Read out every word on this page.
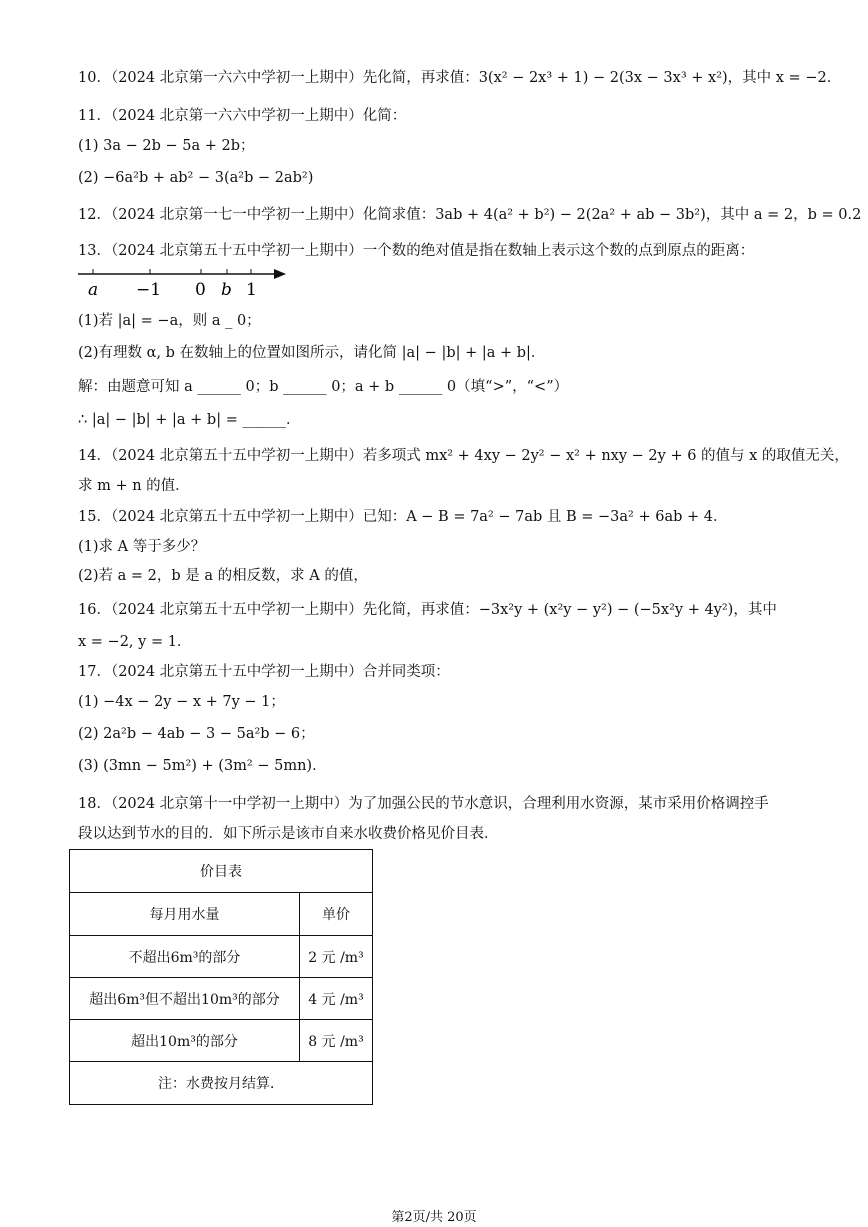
10．（2024 北京第一六六中学初一上期中）先化简，再求值：3(x² − 2x³ + 1) − 2(3x − 3x³ + x²)，其中 x = −2．
11．（2024 北京第一六六中学初一上期中）化简：
(1) 3a − 2b − 5a + 2b；
(2) −6a²b + ab² − 3(a²b − 2ab²)
12．（2024 北京第一七一中学初一上期中）化简求值：3ab + 4(a² + b²) − 2(2a² + ab − 3b²)，其中 a = 2，b = 0.2
13．（2024 北京第五十五中学初一上期中）一个数的绝对值是指在数轴上表示这个数的点到原点的距离：
a −1 0 b 1
(1)若 |a| = −a，则 a _ 0；
(2)有理数 α, b 在数轴上的位置如图所示，请化简 |a| − |b| + |a + b|．
解：由题意可知 a ______ 0；b ______ 0；a + b ______ 0（填“>”，“<”）
∴ |a| − |b| + |a + b| = ______．
14．（2024 北京第五十五中学初一上期中）若多项式 mx² + 4xy − 2y² − x² + nxy − 2y + 6 的值与 x 的取值无关，
求 m + n 的值．
15．（2024 北京第五十五中学初一上期中）已知：A − B = 7a² − 7ab 且 B = −3a² + 6ab + 4．
(1)求 A 等于多少？
(2)若 a = 2，b 是 a 的相反数，求 A 的值，
16．（2024 北京第五十五中学初一上期中）先化简，再求值：−3x²y + (x²y − y²) − (−5x²y + 4y²)，其中
x = −2, y = 1．
17．（2024 北京第五十五中学初一上期中）合并同类项：
(1) −4x − 2y − x + 7y − 1；
(2) 2a²b − 4ab − 3 − 5a²b − 6；
(3) (3mn − 5m²) + (3m² − 5mn)．
18．（2024 北京第十一中学初一上期中）为了加强公民的节水意识，合理利用水资源，某市采用价格调控手
段以达到节水的目的．如下所示是该市自来水收费价格见价目表．
价目表	
每月用水量	单价
不超出6m³的部分	2 元 /m³
超出6m³但不超出10m³的部分	4 元 /m³
超出10m³的部分	8 元 /m³
注：水费按月结算．	
第2页/共 20页
